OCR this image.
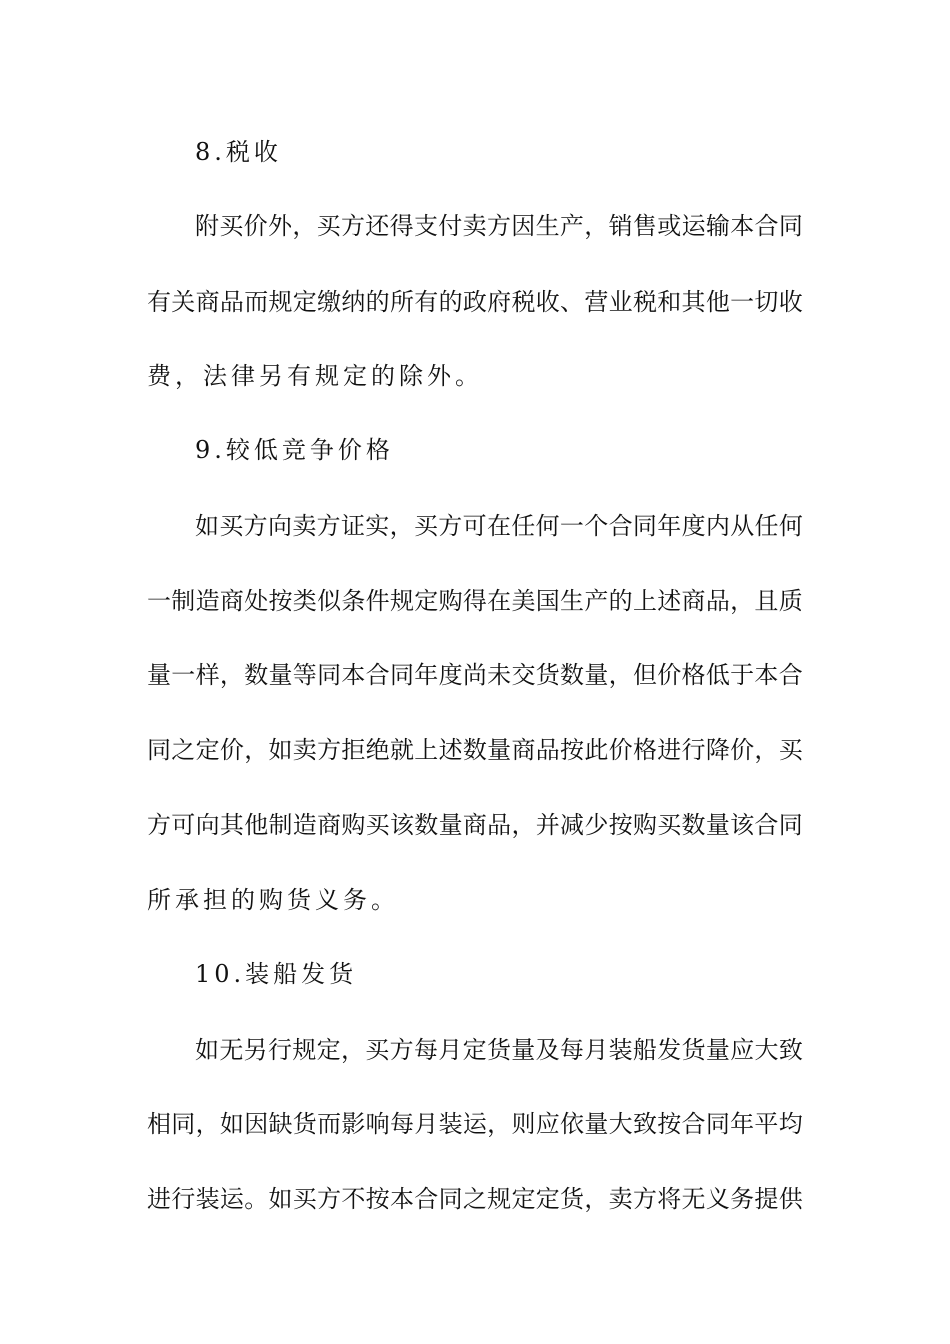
8.税收
附 买 价 外 ， 买 方 还 得 支 付 卖 方 因 生 产 ， 销 售 或 运 输 本 合 同
有 关 商 品 而 规 定 缴 纳 的 所 有 的 政 府 税 收 、 营 业 税 和 其 他 一 切 收
费，法律另有规定的除外。
9.较低竞争价格
如 买 方 向 卖 方 证 实 ， 买 方 可 在 任 何 一 个 合 同 年 度 内 从 任 何
一 制 造 商 处 按 类 似 条 件 规 定 购 得 在 美 国 生 产 的 上 述 商 品 ， 且 质
量 一 样 ， 数 量 等 同 本 合 同 年 度 尚 未 交 货 数 量 ， 但 价 格 低 于 本 合
同 之 定 价 ， 如 卖 方 拒 绝 就 上 述 数 量 商 品 按 此 价 格 进 行 降 价 ， 买
方 可 向 其 他 制 造 商 购 买 该 数 量 商 品 ， 并 减 少 按 购 买 数 量 该 合 同
所承担的购货义务。
10.装船发货
如 无 另 行 规 定 ， 买 方 每 月 定 货 量 及 每 月 装 船 发 货 量 应 大 致
相 同 ， 如 因 缺 货 而 影 响 每 月 装 运 ， 则 应 依 量 大 致 按 合 同 年 平 均
进 行 装 运 。 如 买 方 不 按 本 合 同 之 规 定 定 货 ， 卖 方 将 无 义 务 提 供
